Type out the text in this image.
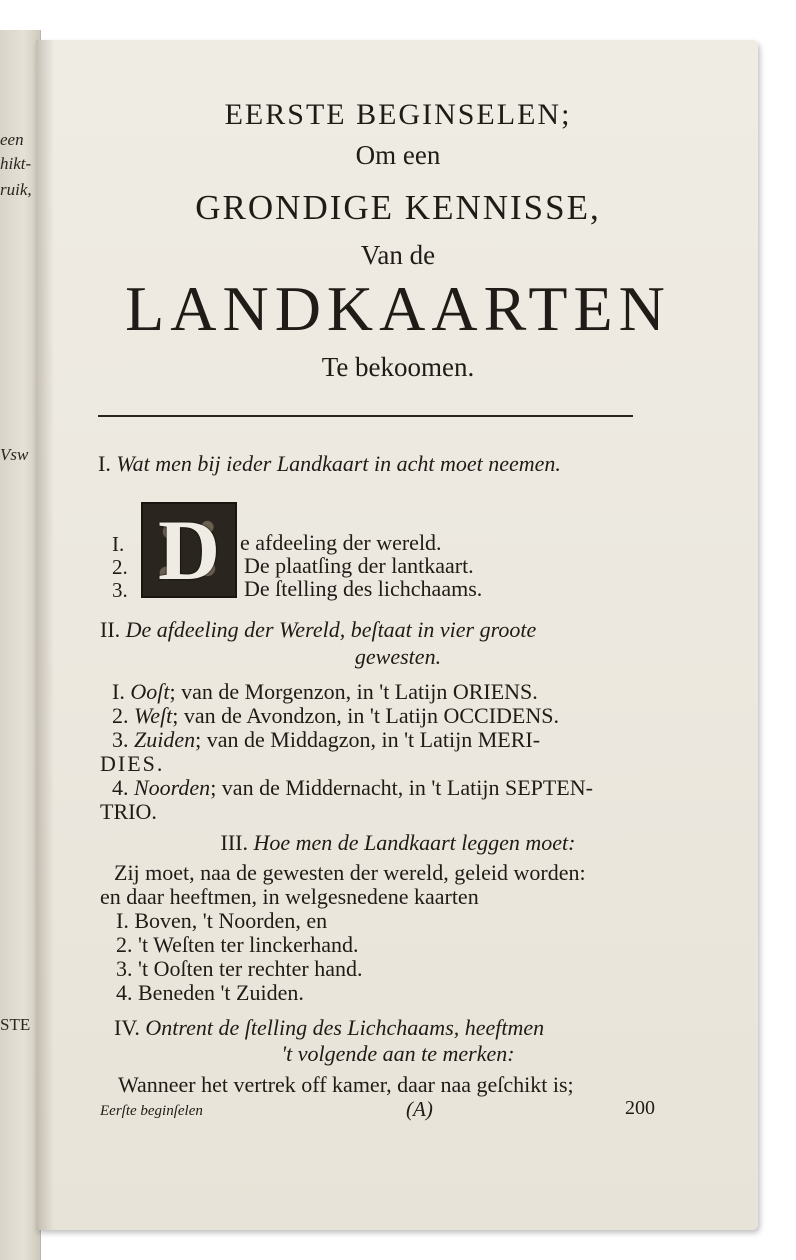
een
hikt-
ruik,
Vsw
STE
EERSTE BEGINSELEN;
Om een
GRONDIGE KENNISSE,
Van de
LANDKAARTEN
Te bekoomen.
I. Wat men bij ieder Landkaart in acht moet neemen.
D
I.	e afdeeling der wereld.
2.	De plaatſing der lantkaart.
3.	De ſtelling des lichchaams.
II. De afdeeling der Wereld, beſtaat in vier groote
gewesten.
I. Ooſt; van de Morgenzon, in 't Latijn ORIENS.
2. Weſt; van de Avondzon, in 't Latijn OCCIDENS.
3. Zuiden; van de Middagzon, in 't Latijn MERI-
DIES.
4. Noorden; van de Middernacht, in 't Latijn SEPTEN-
TRIO.
III. Hoe men de Landkaart leggen moet:
Zij moet, naa de gewesten der wereld, geleid worden:
en daar heeftmen, in welgesnedene kaarten
I. Boven, 't Noorden, en
2. 't Weſten ter linckerhand.
3. 't Ooſten ter rechter hand.
4. Beneden 't Zuiden.
IV. Ontrent de ſtelling des Lichchaams, heeftmen
't volgende aan te merken:
Wanneer het vertrek off kamer, daar naa geſchikt is;
Eerſte beginſelen	(A)	200
